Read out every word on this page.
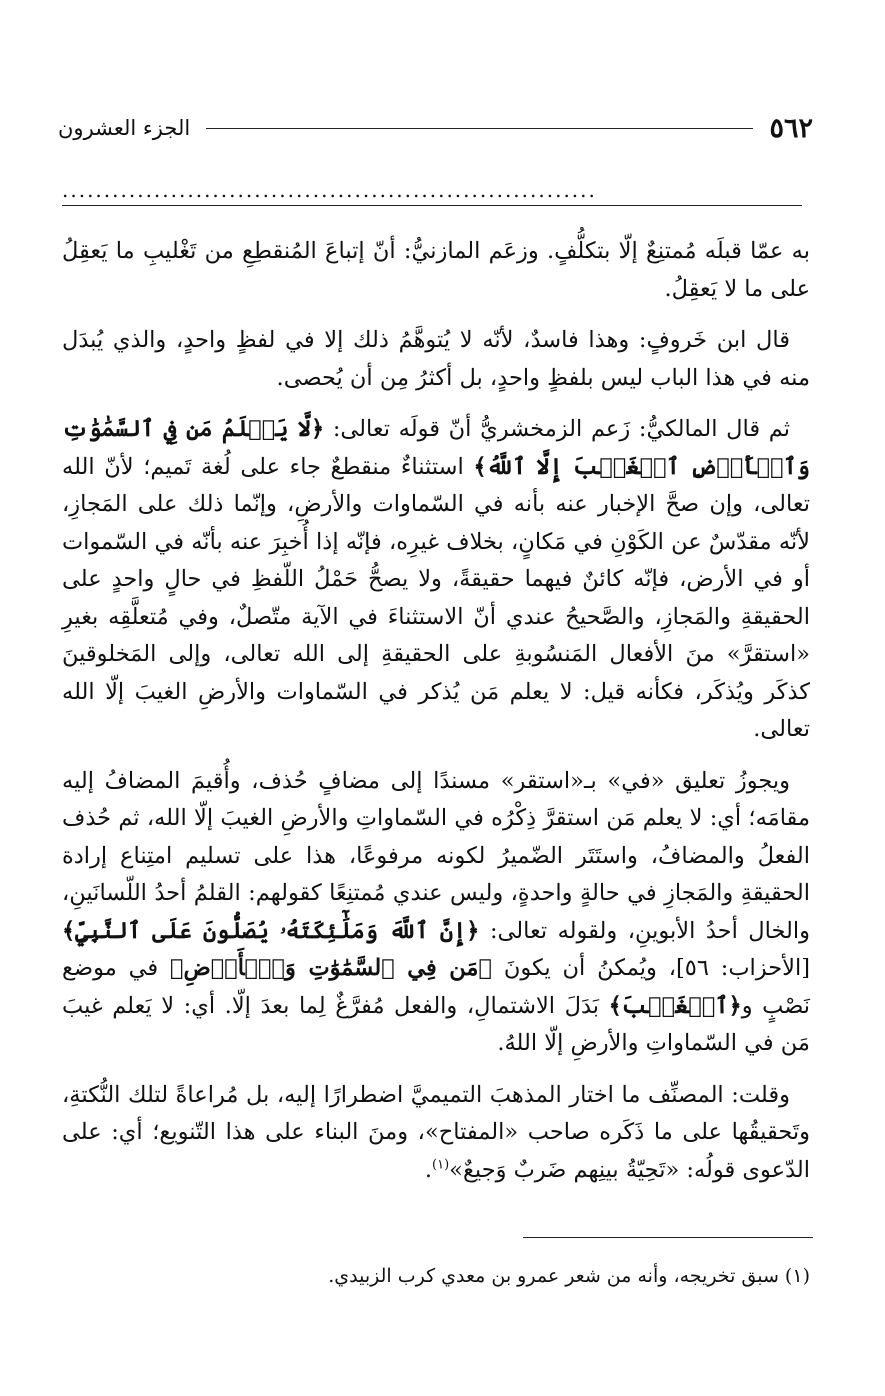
٥٦٢
الجزء العشرون
................................................................

به عمّا قبلَه مُمتنِعٌ إلّا بتكلُّفٍ. وزعَم المازنيُّ: أنّ إتباعَ المُنقطِعِ من تَغْليبِ ما يَعقِلُ على ما لا يَعقِلُ.

قال ابن خَروفٍ: وهذا فاسدٌ، لأنّه لا يُتوهَّمُ ذلك إلا في لفظٍ واحدٍ، والذي يُبدَل منه في هذا الباب ليس بلفظٍ واحدٍ، بل أكثرُ مِن أن يُحصى.

ثم قال المالكيُّ: زَعم الزمخشريُّ أنّ قولَه تعالى: ﴿لَّا يَعۡلَمُ مَن فِي ٱلسَّمَٰوَٰتِ وَٱلۡأَرۡضِ ٱلۡغَيۡبَ إِلَّا ٱللَّهُ﴾ استثناءٌ منقطعٌ جاء على لُغة تَميم؛ لأنّ الله تعالى، وإن صحَّ الإخبار عنه بأنه في السّماوات والأرضِ، وإنّما ذلك على المَجازِ، لأنّه مقدّسٌ عن الكَوْنِ في مَكانٍ، بخلاف غيرِه، فإنّه إذا أُخبِرَ عنه بأنّه في السّموات أو في الأرض، فإنّه كائنٌ فيهما حقيقةً، ولا يصحُّ حَمْلُ اللّفظِ في حالٍ واحدٍ على الحقيقةِ والمَجازِ، والصَّحيحُ عندي أنّ الاستثناءَ في الآية متّصلٌ، وفي مُتعلَّقِه بغيرِ «استقرَّ» منَ الأفعال المَنسُوبةِ على الحقيقةِ إلى الله تعالى، وإلى المَخلوقينَ كذكَر ويُذكَر، فكأنه قيل: لا يعلم مَن يُذكر في السّماوات والأرضِ الغيبَ إلّا الله تعالى.

ويجوزُ تعليق «في» بـ«استقر» مسندًا إلى مضافٍ حُذف، وأُقيمَ المضافُ إليه مقامَه؛ أي: لا يعلم مَن استقرَّ ذِكْرُه في السّماواتِ والأرضِ الغيبَ إلّا الله، ثم حُذف الفعلُ والمضافُ، واستَتَر الضّميرُ لكونه مرفوعًا، هذا على تسليم امتِناع إرادة الحقيقةِ والمَجازِ في حالةٍ واحدةٍ، وليس عندي مُمتنِعًا كقولهم: القلمُ أحدُ اللّسانَينِ، والخال أحدُ الأبوينِ، ولقوله تعالى: ﴿إِنَّ ٱللَّهَ وَمَلَٰٓئِكَتَهُۥ يُصَلُّونَ عَلَى ٱلنَّبِيِّ﴾ [الأحزاب: ٥٦]، ويُمكنُ أن يكونَ ﴿مَن فِي ٱلسَّمَٰوَٰتِ وَٱلۡأَرۡضِ﴾ في موضع نَصْبٍ و﴿ٱلۡغَيۡبَ﴾ بَدَلَ الاشتمالِ، والفعل مُفرَّغٌ لِما بعدَ إلّا. أي: لا يَعلم غيبَ مَن في السّماواتِ والأرضِ إلّا اللهُ.

وقلت: المصنِّف ما اختار المذهبَ التميميَّ اضطرارًا إليه، بل مُراعاةً لتلك النُّكتةِ، وتَحقيقُها على ما ذَكَره صاحب «المفتاح»، ومنَ البناء على هذا التّنويع؛ أي: على الدّعوى قولُه: «تَحِيّةُ بينِهم ضَربٌ وَجيعٌ»$^{(١)}$.

(١) سبق تخريجه، وأنه من شعر عمرو بن معدي كرب الزبيدي.
